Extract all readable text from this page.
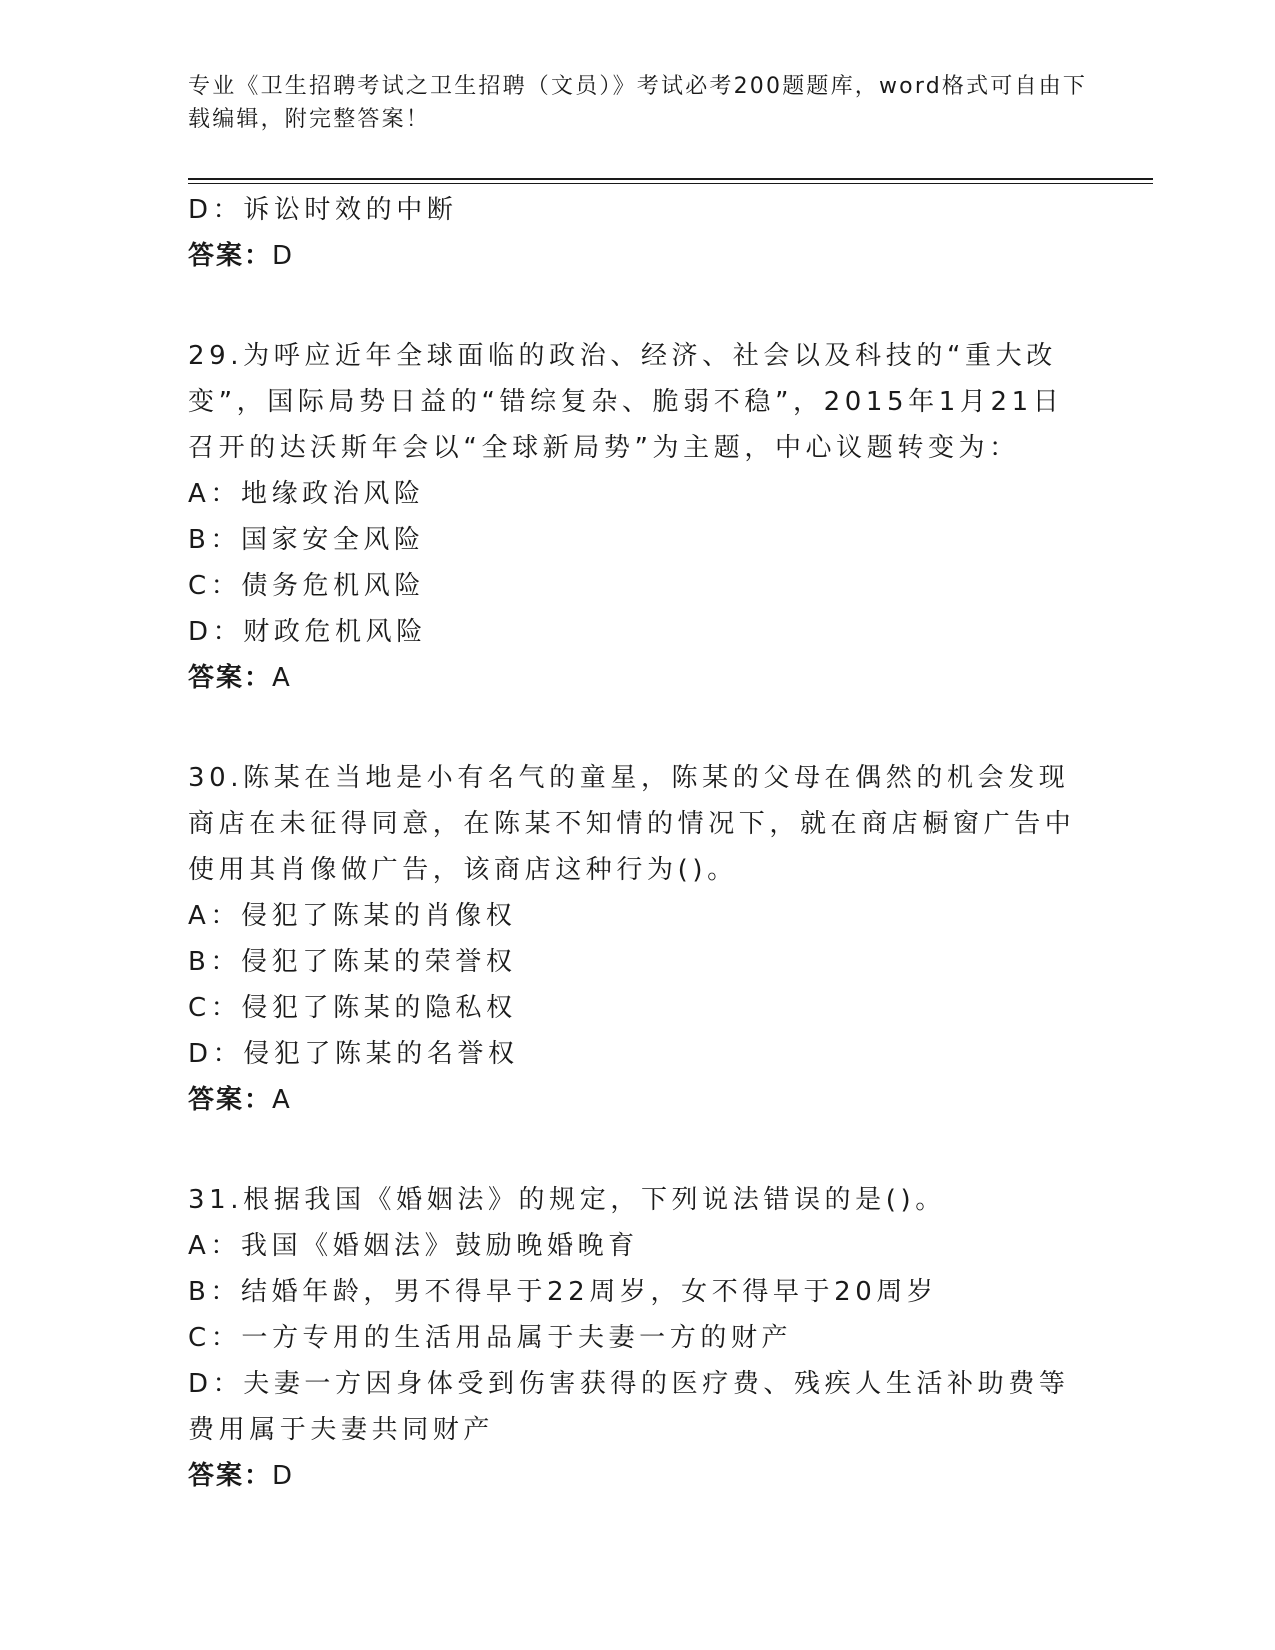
专业《卫生招聘考试之卫生招聘（文员）》考试必考200题题库，word格式可自由下载编辑，附完整答案！

D：诉讼时效的中断

答案：D

29.为呼应近年全球面临的政治、经济、社会以及科技的“重大改变”，国际局势日益的“错综复杂、脆弱不稳”，2015年1月21日召开的达沃斯年会以“全球新局势”为主题，中心议题转变为：

A：地缘政治风险

B：国家安全风险

C：债务危机风险

D：财政危机风险

答案：A

30.陈某在当地是小有名气的童星，陈某的父母在偶然的机会发现商店在未征得同意，在陈某不知情的情况下，就在商店橱窗广告中使用其肖像做广告，该商店这种行为()。

A：侵犯了陈某的肖像权

B：侵犯了陈某的荣誉权

C：侵犯了陈某的隐私权

D：侵犯了陈某的名誉权

答案：A

31.根据我国《婚姻法》的规定，下列说法错误的是()。

A：我国《婚姻法》鼓励晚婚晚育

B：结婚年龄，男不得早于22周岁，女不得早于20周岁

C：一方专用的生活用品属于夫妻一方的财产

D：夫妻一方因身体受到伤害获得的医疗费、残疾人生活补助费等费用属于夫妻共同财产

答案：D
